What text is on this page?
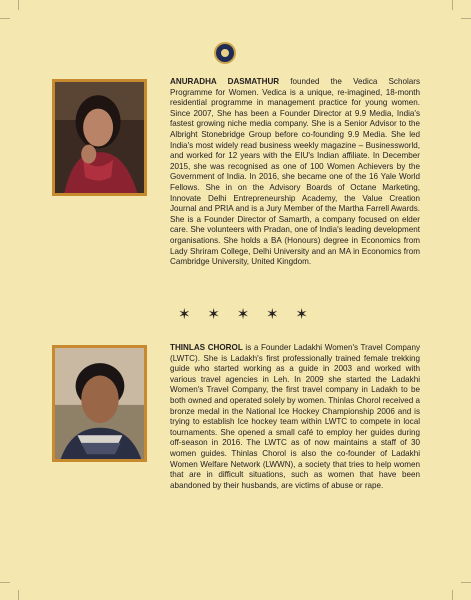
ANURADHA DASMATHUR founded the Vedica Scholars Programme for Women. Vedica is a unique, re-imagined, 18-month residential programme in management practice for young women. Since 2007, She has been a Founder Director at 9.9 Media, India's fastest growing niche media company. She is a Senior Advisor to the Albright Stonebridge Group before co-founding 9.9 Media. She led India's most widely read business weekly magazine – Businessworld, and worked for 12 years with the EIU's Indian affiliate. In December 2015, she was recognised as one of 100 Women Achievers by the Government of India. In 2016, she became one of the 16 Yale World Fellows. She in on the Advisory Boards of Octane Marketing, Innovate Delhi Entrepreneurship Academy, the Value Creation Journal and PRIA and is a Jury Member of the Martha Farrell Awards. She is a Founder Director of Samarth, a company focused on elder care. She volunteers with Pradan, one of India's leading development organisations. She holds a BA (Honours) degree in Economics from Lady Shriram College, Delhi University and an MA in Economics from Cambridge University, United Kingdom.

✶ ✶ ✶ ✶ ✶

THINLAS CHOROL is a Founder Ladakhi Women's Travel Company (LWTC). She is Ladakh's first professionally trained female trekking guide who started working as a guide in 2003 and worked with various travel agencies in Leh. In 2009 she started the Ladakhi Women's Travel Company, the first travel company in Ladakh to be both owned and operated solely by women. Thinlas Chorol received a bronze medal in the National Ice Hockey Championship 2006 and is trying to establish Ice hockey team within LWTC to compete in local tournaments. She opened a small café to employ her guides during off-season in 2016. The LWTC as of now maintains a staff of 30 women guides. Thinlas Chorol is also the co-founder of Ladakhi Women Welfare Network (LWWN), a society that tries to help women that are in difficult situations, such as women that have been abandoned by their husbands, are victims of abuse or rape.
